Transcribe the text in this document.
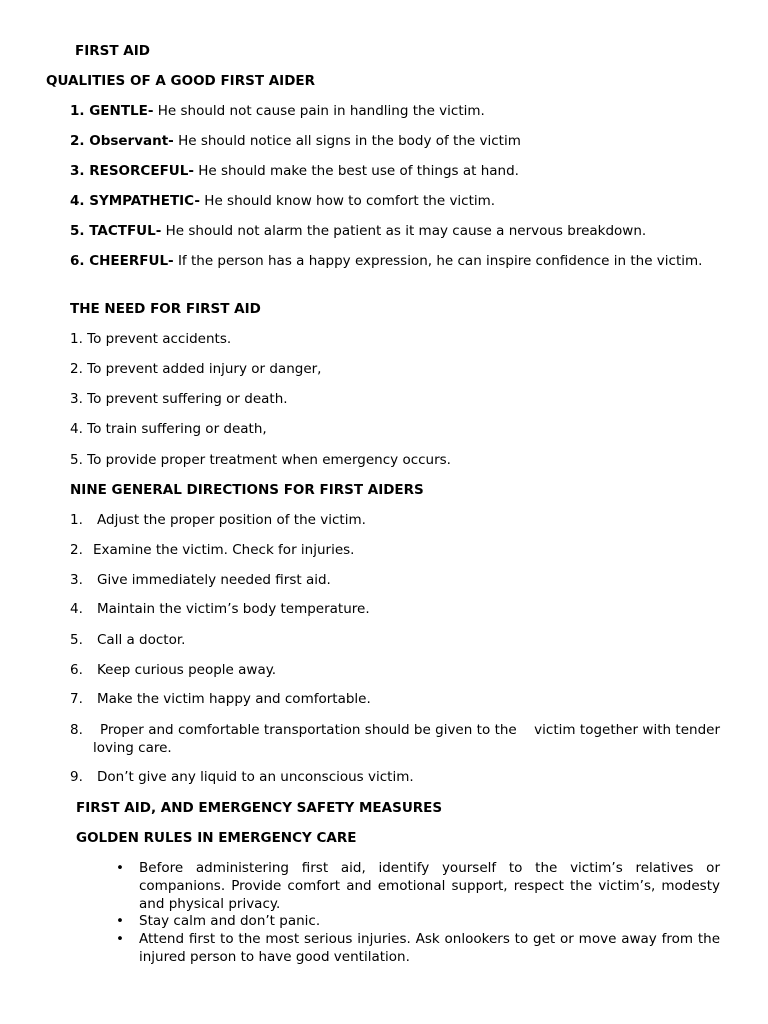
FIRST AID
QUALITIES OF A GOOD FIRST AIDER
1. GENTLE- He should not cause pain in handling the victim.
2. Observant- He should notice all signs in the body of the victim
3. RESORCEFUL- He should make the best use of things at hand.
4. SYMPATHETIC- He should know how to comfort the victim.
5. TACTFUL- He should not alarm the patient as it may cause a nervous breakdown.
6. CHEERFUL- If the person has a happy expression, he can inspire confidence in the victim.
THE NEED FOR FIRST AID
1. To prevent accidents.
2. To prevent added injury or danger,
3. To prevent suffering or death.
4. To train suffering or death,
5. To provide proper treatment when emergency occurs.
NINE GENERAL DIRECTIONS FOR FIRST AIDERS
1. Adjust the proper position of the victim.
2. Examine the victim. Check for injuries.
3. Give immediately needed first aid.
4. Maintain the victim’s body temperature.
5. Call a doctor.
6. Keep curious people away.
7. Make the victim happy and comfortable.
8.	Proper and comfortable transportation should be given to the    victim together with tender loving care.
9. Don’t give any liquid to an unconscious victim.
FIRST AID, AND EMERGENCY SAFETY MEASURES
GOLDEN RULES IN EMERGENCY CARE
• Before administering first aid, identify yourself to the victim’s relatives or companions. Provide comfort and emotional support, respect the victim’s, modesty and physical privacy.
• Stay calm and don’t panic.
• Attend first to the most serious injuries. Ask onlookers to get or move away from the injured person to have good ventilation.
